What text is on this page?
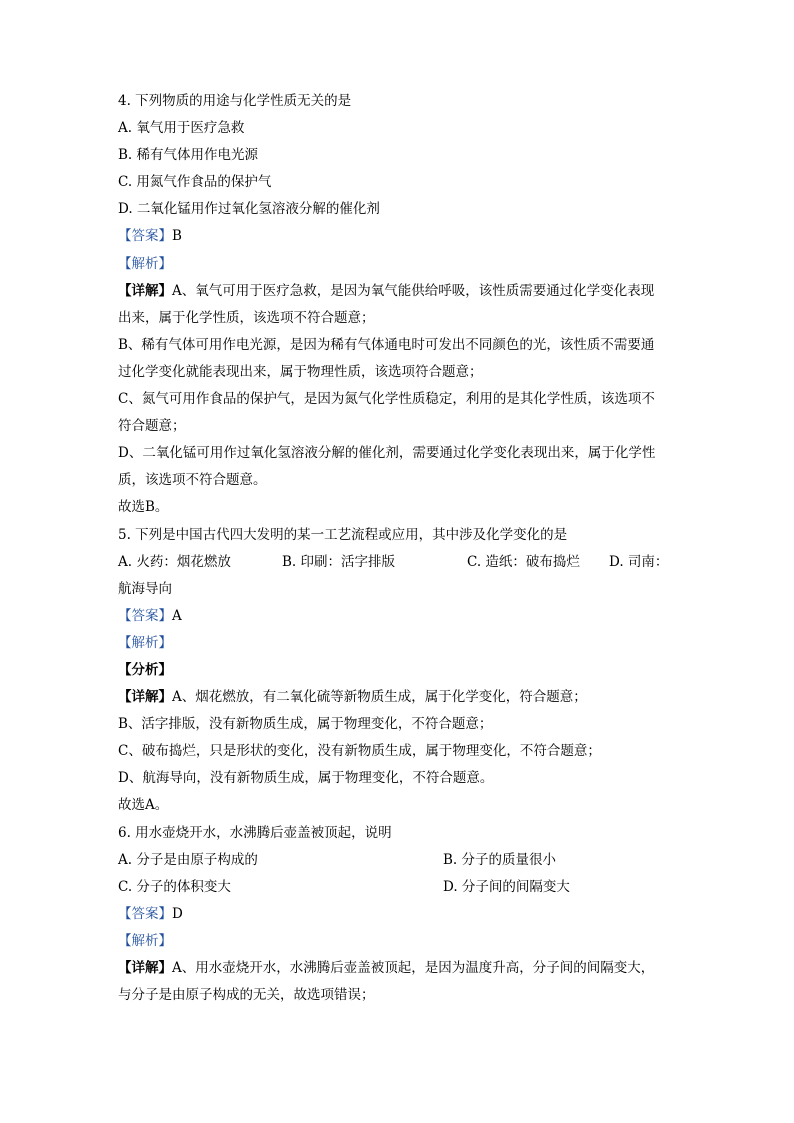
4. 下列物质的用途与化学性质无关的是
A. 氧气用于医疗急救
B. 稀有气体用作电光源
C. 用氮气作食品的保护气
D. 二氧化锰用作过氧化氢溶液分解的催化剂
【答案】B
【解析】
【详解】A、氧气可用于医疗急救，是因为氧气能供给呼吸，该性质需要通过化学变化表现
出来，属于化学性质，该选项不符合题意；
B、稀有气体可用作电光源，是因为稀有气体通电时可发出不同颜色的光，该性质不需要通
过化学变化就能表现出来，属于物理性质，该选项符合题意；
C、氮气可用作食品的保护气，是因为氮气化学性质稳定，利用的是其化学性质，该选项不
符合题意；
D、二氧化锰可用作过氧化氢溶液分解的催化剂，需要通过化学变化表现出来，属于化学性
质，该选项不符合题意。
故选B。
5. 下列是中国古代四大发明的某一工艺流程或应用，其中涉及化学变化的是
A. 火药：烟花燃放	B. 印刷：活字排版	C. 造纸：破布捣烂	D. 司南：
航海导向
【答案】A
【解析】
【分析】
【详解】A、烟花燃放，有二氧化硫等新物质生成，属于化学变化，符合题意；
B、活字排版，没有新物质生成，属于物理变化，不符合题意；
C、破布捣烂，只是形状的变化，没有新物质生成，属于物理变化，不符合题意；
D、航海导向，没有新物质生成，属于物理变化，不符合题意。
故选A。
6. 用水壶烧开水，水沸腾后壶盖被顶起，说明
A. 分子是由原子构成的	B. 分子的质量很小
C. 分子的体积变大	D. 分子间的间隔变大
【答案】D
【解析】
【详解】A、用水壶烧开水，水沸腾后壶盖被顶起，是因为温度升高，分子间的间隔变大，
与分子是由原子构成的无关，故选项错误；
